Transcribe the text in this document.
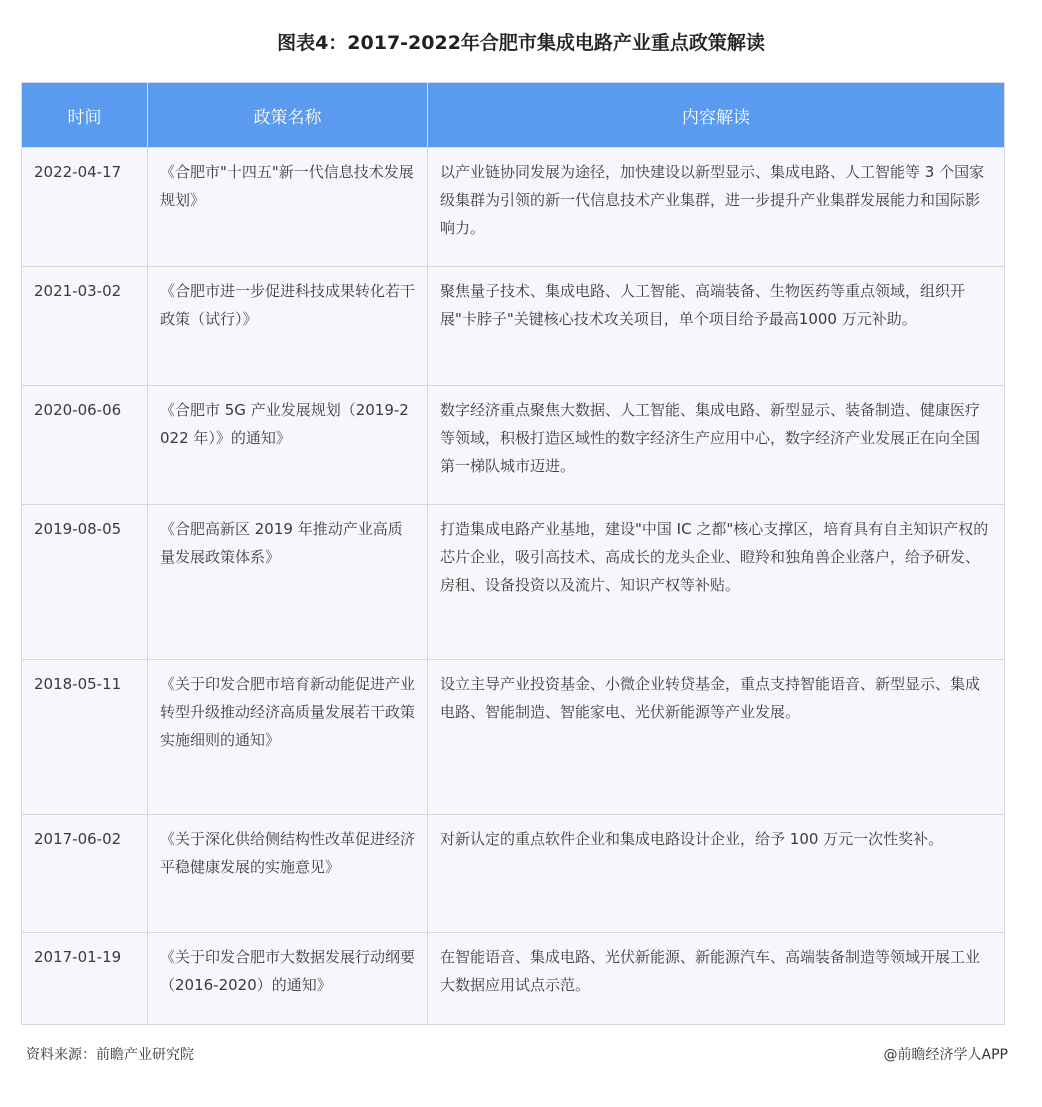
图表4：2017-2022年合肥市集成电路产业重点政策解读
时间	政策名称	内容解读
2022-04-17	《合肥市"十四五"新一代信息技术发展规划》	以产业链协同发展为途径，加快建设以新型显示、集成电路、人工智能等 3 个国家级集群为引领的新一代信息技术产业集群，进一步提升产业集群发展能力和国际影响力。
2021-03-02	《合肥市进一步促进科技成果转化若干政策（试行）》	聚焦量子技术、集成电路、人工智能、高端装备、生物医药等重点领域，组织开展"卡脖子"关键核心技术攻关项目，单个项目给予最高1000 万元补助。
2020-06-06	《合肥市 5G 产业发展规划（2019-2022 年）》的通知》	数字经济重点聚焦大数据、人工智能、集成电路、新型显示、装备制造、健康医疗等领域，积极打造区域性的数字经济生产应用中心，数字经济产业发展正在向全国第一梯队城市迈进。
2019-08-05	《合肥高新区 2019 年推动产业高质量发展政策体系》	打造集成电路产业基地，建设"中国 IC 之都"核心支撑区，培育具有自主知识产权的芯片企业，吸引高技术、高成长的龙头企业、瞪羚和独角兽企业落户，给予研发、房租、设备投资以及流片、知识产权等补贴。
2018-05-11	《关于印发合肥市培育新动能促进产业转型升级推动经济高质量发展若干政策实施细则的通知》	设立主导产业投资基金、小微企业转贷基金，重点支持智能语音、新型显示、集成电路、智能制造、智能家电、光伏新能源等产业发展。
2017-06-02	《关于深化供给侧结构性改革促进经济平稳健康发展的实施意见》	对新认定的重点软件企业和集成电路设计企业，给予 100 万元一次性奖补。
2017-01-19	《关于印发合肥市大数据发展行动纲要（2016-2020）的通知》	在智能语音、集成电路、光伏新能源、新能源汽车、高端装备制造等领域开展工业大数据应用试点示范。
资料来源：前瞻产业研究院	@前瞻经济学人APP
